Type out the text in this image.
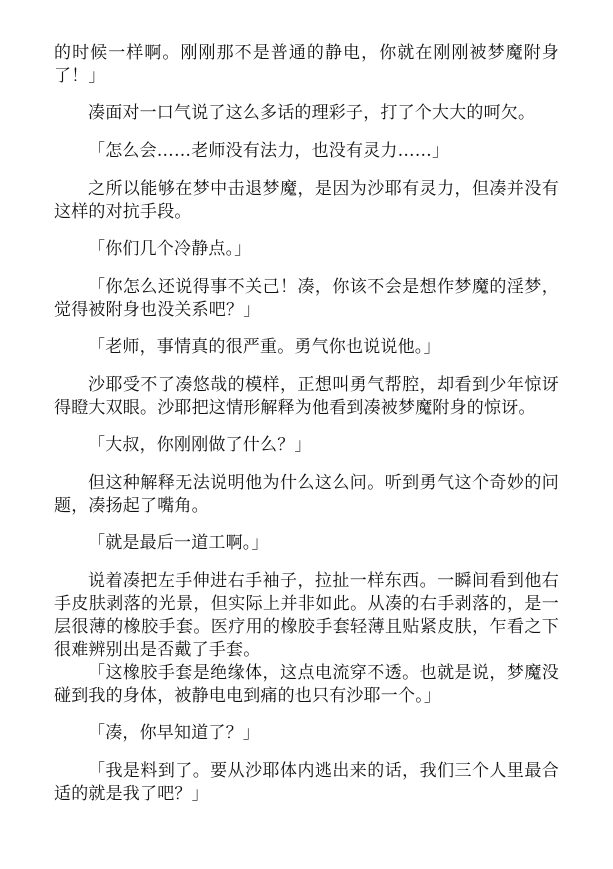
的时候一样啊。刚刚那不是普通的静电，你就在刚刚被梦魔附身了！」

凑面对一口气说了这么多话的理彩子，打了个大大的呵欠。

「怎么会……老师没有法力，也没有灵力……」

之所以能够在梦中击退梦魔，是因为沙耶有灵力，但凑并没有这样的对抗手段。

「你们几个冷静点。」

「你怎么还说得事不关己！凑，你该不会是想作梦魔的淫梦，觉得被附身也没关系吧？」

「老师，事情真的很严重。勇气你也说说他。」

沙耶受不了凑悠哉的模样，正想叫勇气帮腔，却看到少年惊讶得瞪大双眼。沙耶把这情形解释为他看到凑被梦魔附身的惊讶。

「大叔，你刚刚做了什么？」

但这种解释无法说明他为什么这么问。听到勇气这个奇妙的问题，凑扬起了嘴角。

「就是最后一道工啊。」

说着凑把左手伸进右手袖子，拉扯一样东西。一瞬间看到他右手皮肤剥落的光景，但实际上并非如此。从凑的右手剥落的，是一层很薄的橡胶手套。医疗用的橡胶手套轻薄且贴紧皮肤，乍看之下很难辨别出是否戴了手套。

「这橡胶手套是绝缘体，这点电流穿不透。也就是说，梦魔没碰到我的身体，被静电电到痛的也只有沙耶一个。」

「凑，你早知道了？」

「我是料到了。要从沙耶体内逃出来的话，我们三个人里最合适的就是我了吧？」
